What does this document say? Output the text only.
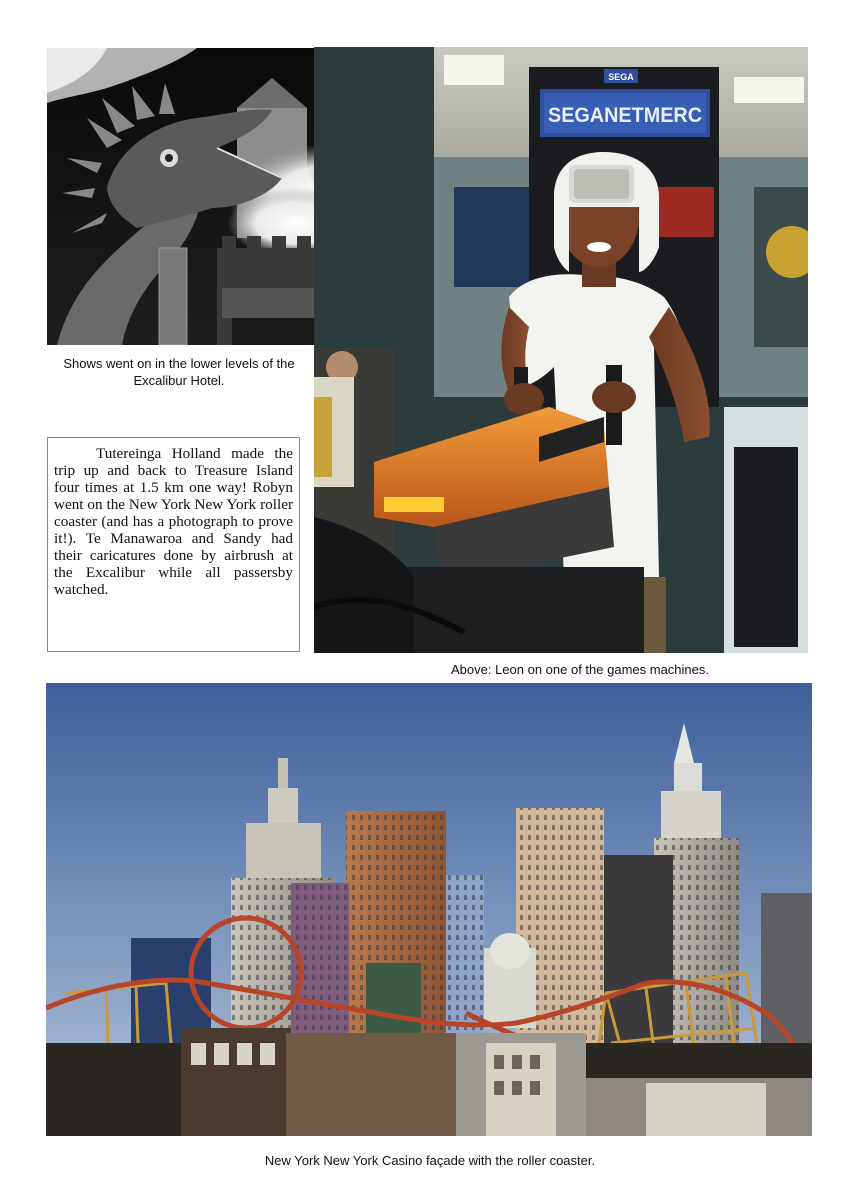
Shows went on in the lower levels of the Excalibur Hotel.
SEGA
SEGANETMERC

Tutereinga Holland made the trip up and back to Treasure Island four times at 1.5 km one way! Robyn went on the New York New York roller coaster (and has a photograph to prove it!). Te Manawaroa and Sandy had their caricatures done by airbrush at the Excalibur while all passersby watched.

Above: Leon on one of the games machines.
New York New York Casino façade with the roller coaster.
